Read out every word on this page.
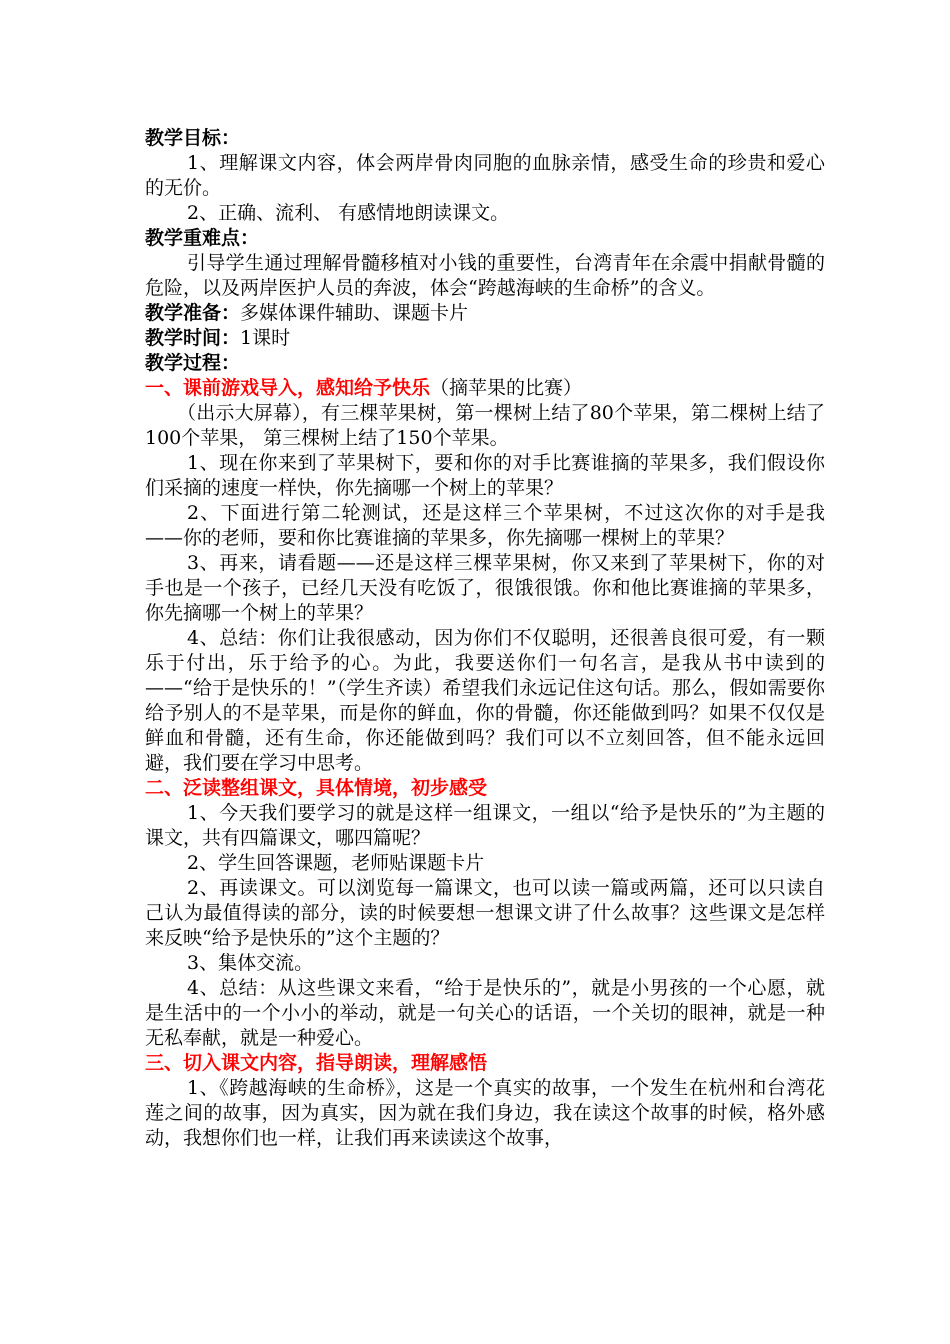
教学目标：

1、理解课文内容，体会两岸骨肉同胞的血脉亲情，感受生命的珍贵和爱心的无价。

2、正确、流利、 有感情地朗读课文。

教学重难点：

引导学生通过理解骨髓移植对小钱的重要性，台湾青年在余震中捐献骨髓的危险，以及两岸医护人员的奔波，体会“跨越海峡的生命桥”的含义。

教学准备：多媒体课件辅助、课题卡片
教学时间：1课时
教学过程：
一、课前游戏导入，感知给予快乐（摘苹果的比赛）

（出示大屏幕），有三棵苹果树，第一棵树上结了80个苹果，第二棵树上结了100个苹果， 第三棵树上结了150个苹果。

1、现在你来到了苹果树下，要和你的对手比赛谁摘的苹果多，我们假设你们采摘的速度一样快，你先摘哪一个树上的苹果？

2、下面进行第二轮测试，还是这样三个苹果树，不过这次你的对手是我——你的老师，要和你比赛谁摘的苹果多，你先摘哪一棵树上的苹果？

3、再来，请看题——还是这样三棵苹果树，你又来到了苹果树下，你的对手也是一个孩子，已经几天没有吃饭了，很饿很饿。你和他比赛谁摘的苹果多，你先摘哪一个树上的苹果？

4、总结：你们让我很感动，因为你们不仅聪明，还很善良很可爱，有一颗乐于付出，乐于给予的心。为此，我要送你们一句名言，是我从书中读到的——“给于是快乐的！”（学生齐读）希望我们永远记住这句话。那么，假如需要你给予别人的不是苹果，而是你的鲜血，你的骨髓，你还能做到吗？如果不仅仅是鲜血和骨髓，还有生命，你还能做到吗？我们可以不立刻回答，但不能永远回避，我们要在学习中思考。

二、泛读整组课文，具体情境，初步感受

1、今天我们要学习的就是这样一组课文，一组以“给予是快乐的”为主题的课文，共有四篇课文，哪四篇呢？

2、学生回答课题，老师贴课题卡片

2、再读课文。可以浏览每一篇课文，也可以读一篇或两篇，还可以只读自己认为最值得读的部分，读的时候要想一想课文讲了什么故事？这些课文是怎样来反映“给予是快乐的”这个主题的？

3、集体交流。

4、总结：从这些课文来看，“给于是快乐的”，就是小男孩的一个心愿，就是生活中的一个小小的举动，就是一句关心的话语，一个关切的眼神，就是一种无私奉献，就是一种爱心。

三、切入课文内容，指导朗读，理解感悟

1、《跨越海峡的生命桥》，这是一个真实的故事，一个发生在杭州和台湾花莲之间的故事，因为真实，因为就在我们身边，我在读这个故事的时候，格外感动，我想你们也一样，让我们再来读读这个故事，
